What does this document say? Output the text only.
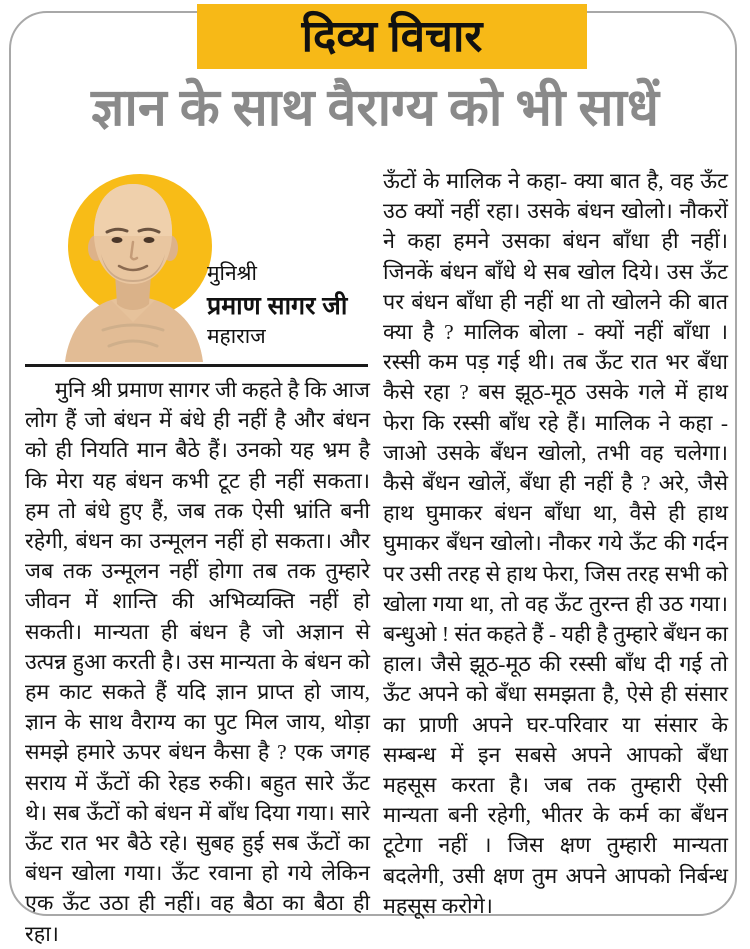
दिव्य विचार
ज्ञान के साथ वैराग्य को भी साधें
मुनिश्री
प्रमाण सागर जी
महाराज

मुनि श्री प्रमाण सागर जी कहते है कि आज लोग हैं जो बंधन में बंधे ही नहीं है और बंधन को ही नियति मान बैठे हैं। उनको यह भ्रम है कि मेरा यह बंधन कभी टूट ही नहीं सकता। हम तो बंधे हुए हैं, जब तक ऐसी भ्रांति बनी रहेगी, बंधन का उन्मूलन नहीं हो सकता। और जब तक उन्मूलन नहीं होगा तब तक तुम्हारे जीवन में शान्ति की अभिव्यक्ति नहीं हो सकती। मान्यता ही बंधन है जो अज्ञान से उत्पन्न हुआ करती है। उस मान्यता के बंधन को हम काट सकते हैं यदि ज्ञान प्राप्त हो जाय, ज्ञान के साथ वैराग्य का पुट मिल जाय, थोड़ा समझे हमारे ऊपर बंधन कैसा है ? एक जगह सराय में ऊँटों की रेहड रुकी। बहुत सारे ऊँट थे। सब ऊँटों को बंधन में बाँध दिया गया। सारे ऊँट रात भर बैठे रहे। सुबह हुई सब ऊँटों का बंधन खोला गया। ऊँट रवाना हो गये लेकिन एक ऊँट उठा ही नहीं। वह बैठा का बैठा ही रहा।

ऊँटों के मालिक ने कहा- क्या बात है, वह ऊँट उठ क्यों नहीं रहा। उसके बंधन खोलो। नौकरों ने कहा हमने उसका बंधन बाँधा ही नहीं। जिनकें बंधन बाँधे थे सब खोल दिये। उस ऊँट पर बंधन बाँधा ही नहीं था तो खोलने की बात क्या है ? मालिक बोला - क्यों नहीं बाँधा । रस्सी कम पड़ गई थी। तब ऊँट रात भर बँधा कैसे रहा ? बस झूठ-मूठ उसके गले में हाथ फेरा कि रस्सी बाँध रहे हैं। मालिक ने कहा - जाओ उसके बँधन खोलो, तभी वह चलेगा। कैसे बँधन खोलें, बँधा ही नहीं है ? अरे, जैसे हाथ घुमाकर बंधन बाँधा था, वैसे ही हाथ घुमाकर बँधन खोलो। नौकर गये ऊँट की गर्दन पर उसी तरह से हाथ फेरा, जिस तरह सभी को खोला गया था, तो वह ऊँट तुरन्त ही उठ गया। बन्धुओ ! संत कहते हैं - यही है तुम्हारे बँधन का हाल। जैसे झूठ-मूठ की रस्सी बाँध दी गई तो ऊँट अपने को बँधा समझता है, ऐसे ही संसार का प्राणी अपने घर-परिवार या संसार के सम्बन्ध में इन सबसे अपने आपको बँधा महसूस करता है। जब तक तुम्हारी ऐसी मान्यता बनी रहेगी, भीतर के कर्म का बँधन टूटेगा नहीं । जिस क्षण तुम्हारी मान्यता बदलेगी, उसी क्षण तुम अपने आपको निर्बन्ध महसूस करोगे।
